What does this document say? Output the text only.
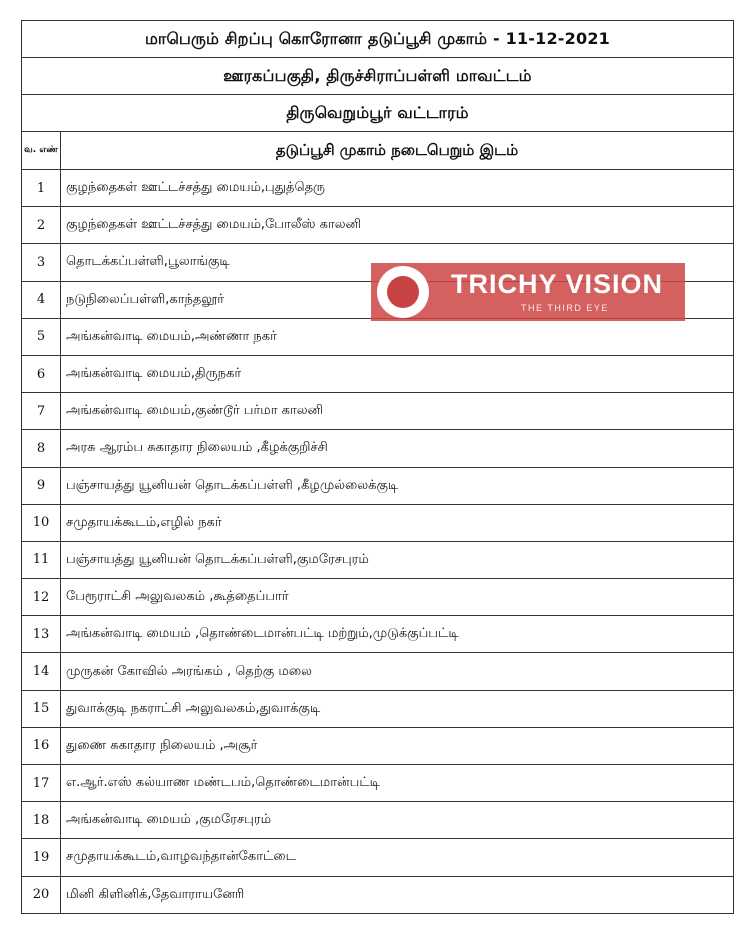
மாபெரும் சிறப்பு கொரோனா தடுப்பூசி முகாம் - 11-12-2021	
ஊரகப்பகுதி, திருச்சிராப்பள்ளி மாவட்டம்	
திருவெறும்பூர் வட்டாரம்	
வ. எண்	தடுப்பூசி முகாம் நடைபெறும் இடம்
1	குழந்தைகள் ஊட்டச்சத்து மையம்,புதுத்தெரு
2	குழந்தைகள் ஊட்டச்சத்து மையம்,போலீஸ் காலனி
3	தொடக்கப்பள்ளி,பூலாங்குடி
4	நடுநிலைப்பள்ளி,காந்தலூர்
5	அங்கன்வாடி மையம்,அண்ணா நகர்
6	அங்கன்வாடி மையம்,திருநகர்
7	அங்கன்வாடி மையம்,குண்டூர் பர்மா காலனி
8	அரசு ஆரம்ப சுகாதார நிலையம் ,கீழக்குறிச்சி
9	பஞ்சாயத்து யூனியன் தொடக்கப்பள்ளி ,கீழமுல்லைக்குடி
10	சமுதாயக்கூடம்,எழில் நகர்
11	பஞ்சாயத்து யூனியன் தொடக்கப்பள்ளி,குமரேசபுரம்
12	பேரூராட்சி அலுவலகம் ,கூத்தைப்பார்
13	அங்கன்வாடி மையம் ,தொண்டைமான்பட்டி மற்றும்,முடுக்குப்பட்டி
14	முருகன் கோவில் அரங்கம் , தெற்கு மலை
15	துவாக்குடி நகராட்சி அலுவலகம்,துவாக்குடி
16	துணை சுகாதார நிலையம் ,அசூர்
17	எ.ஆர்.எஸ் கல்யாண மண்டபம்,தொண்டைமான்பட்டி
18	அங்கன்வாடி மையம் ,குமரேசபுரம்
19	சமுதாயக்கூடம்,வாழவந்தான்கோட்டை
20	மினி கிளினிக்,தேவாராயனேரி
TRICHY VISION
THE THIRD EYE
